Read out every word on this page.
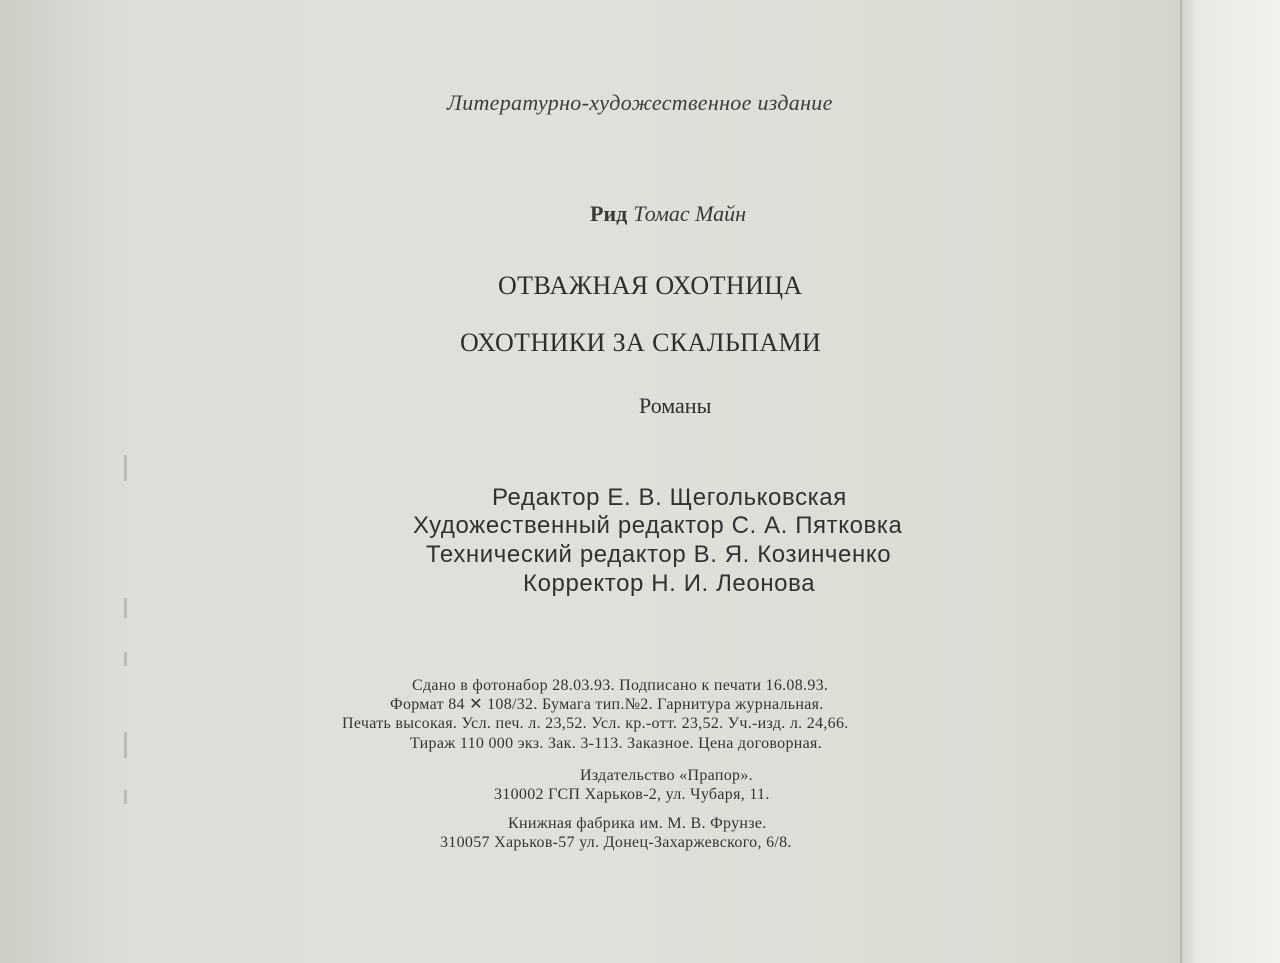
Литературно-художественное издание
Рид Томас Майн
ОТВАЖНАЯ ОХОТНИЦА
ОХОТНИКИ ЗА СКАЛЬПАМИ
Романы
Редактор Е. В. Щегольковская
Художественный редактор С. А. Пятковка
Технический редактор В. Я. Козинченко
Корректор Н. И. Леонова
Сдано в фотонабор 28.03.93. Подписано к печати 16.08.93.
Формат 84 ✕ 108/32. Бумага тип.№2. Гарнитура журнальная.
Печать высокая. Усл. печ. л. 23,52. Усл. кр.-отт. 23,52. Уч.-изд. л. 24,66.
Тираж 110 000 экз. Зак. 3-113. Заказное. Цена договорная.
Издательство «Прапор».
310002 ГСП Харьков-2, ул. Чубаря, 11.
Книжная фабрика им. М. В. Фрунзе.
310057 Харьков-57 ул. Донец-Захаржевского, 6/8.
